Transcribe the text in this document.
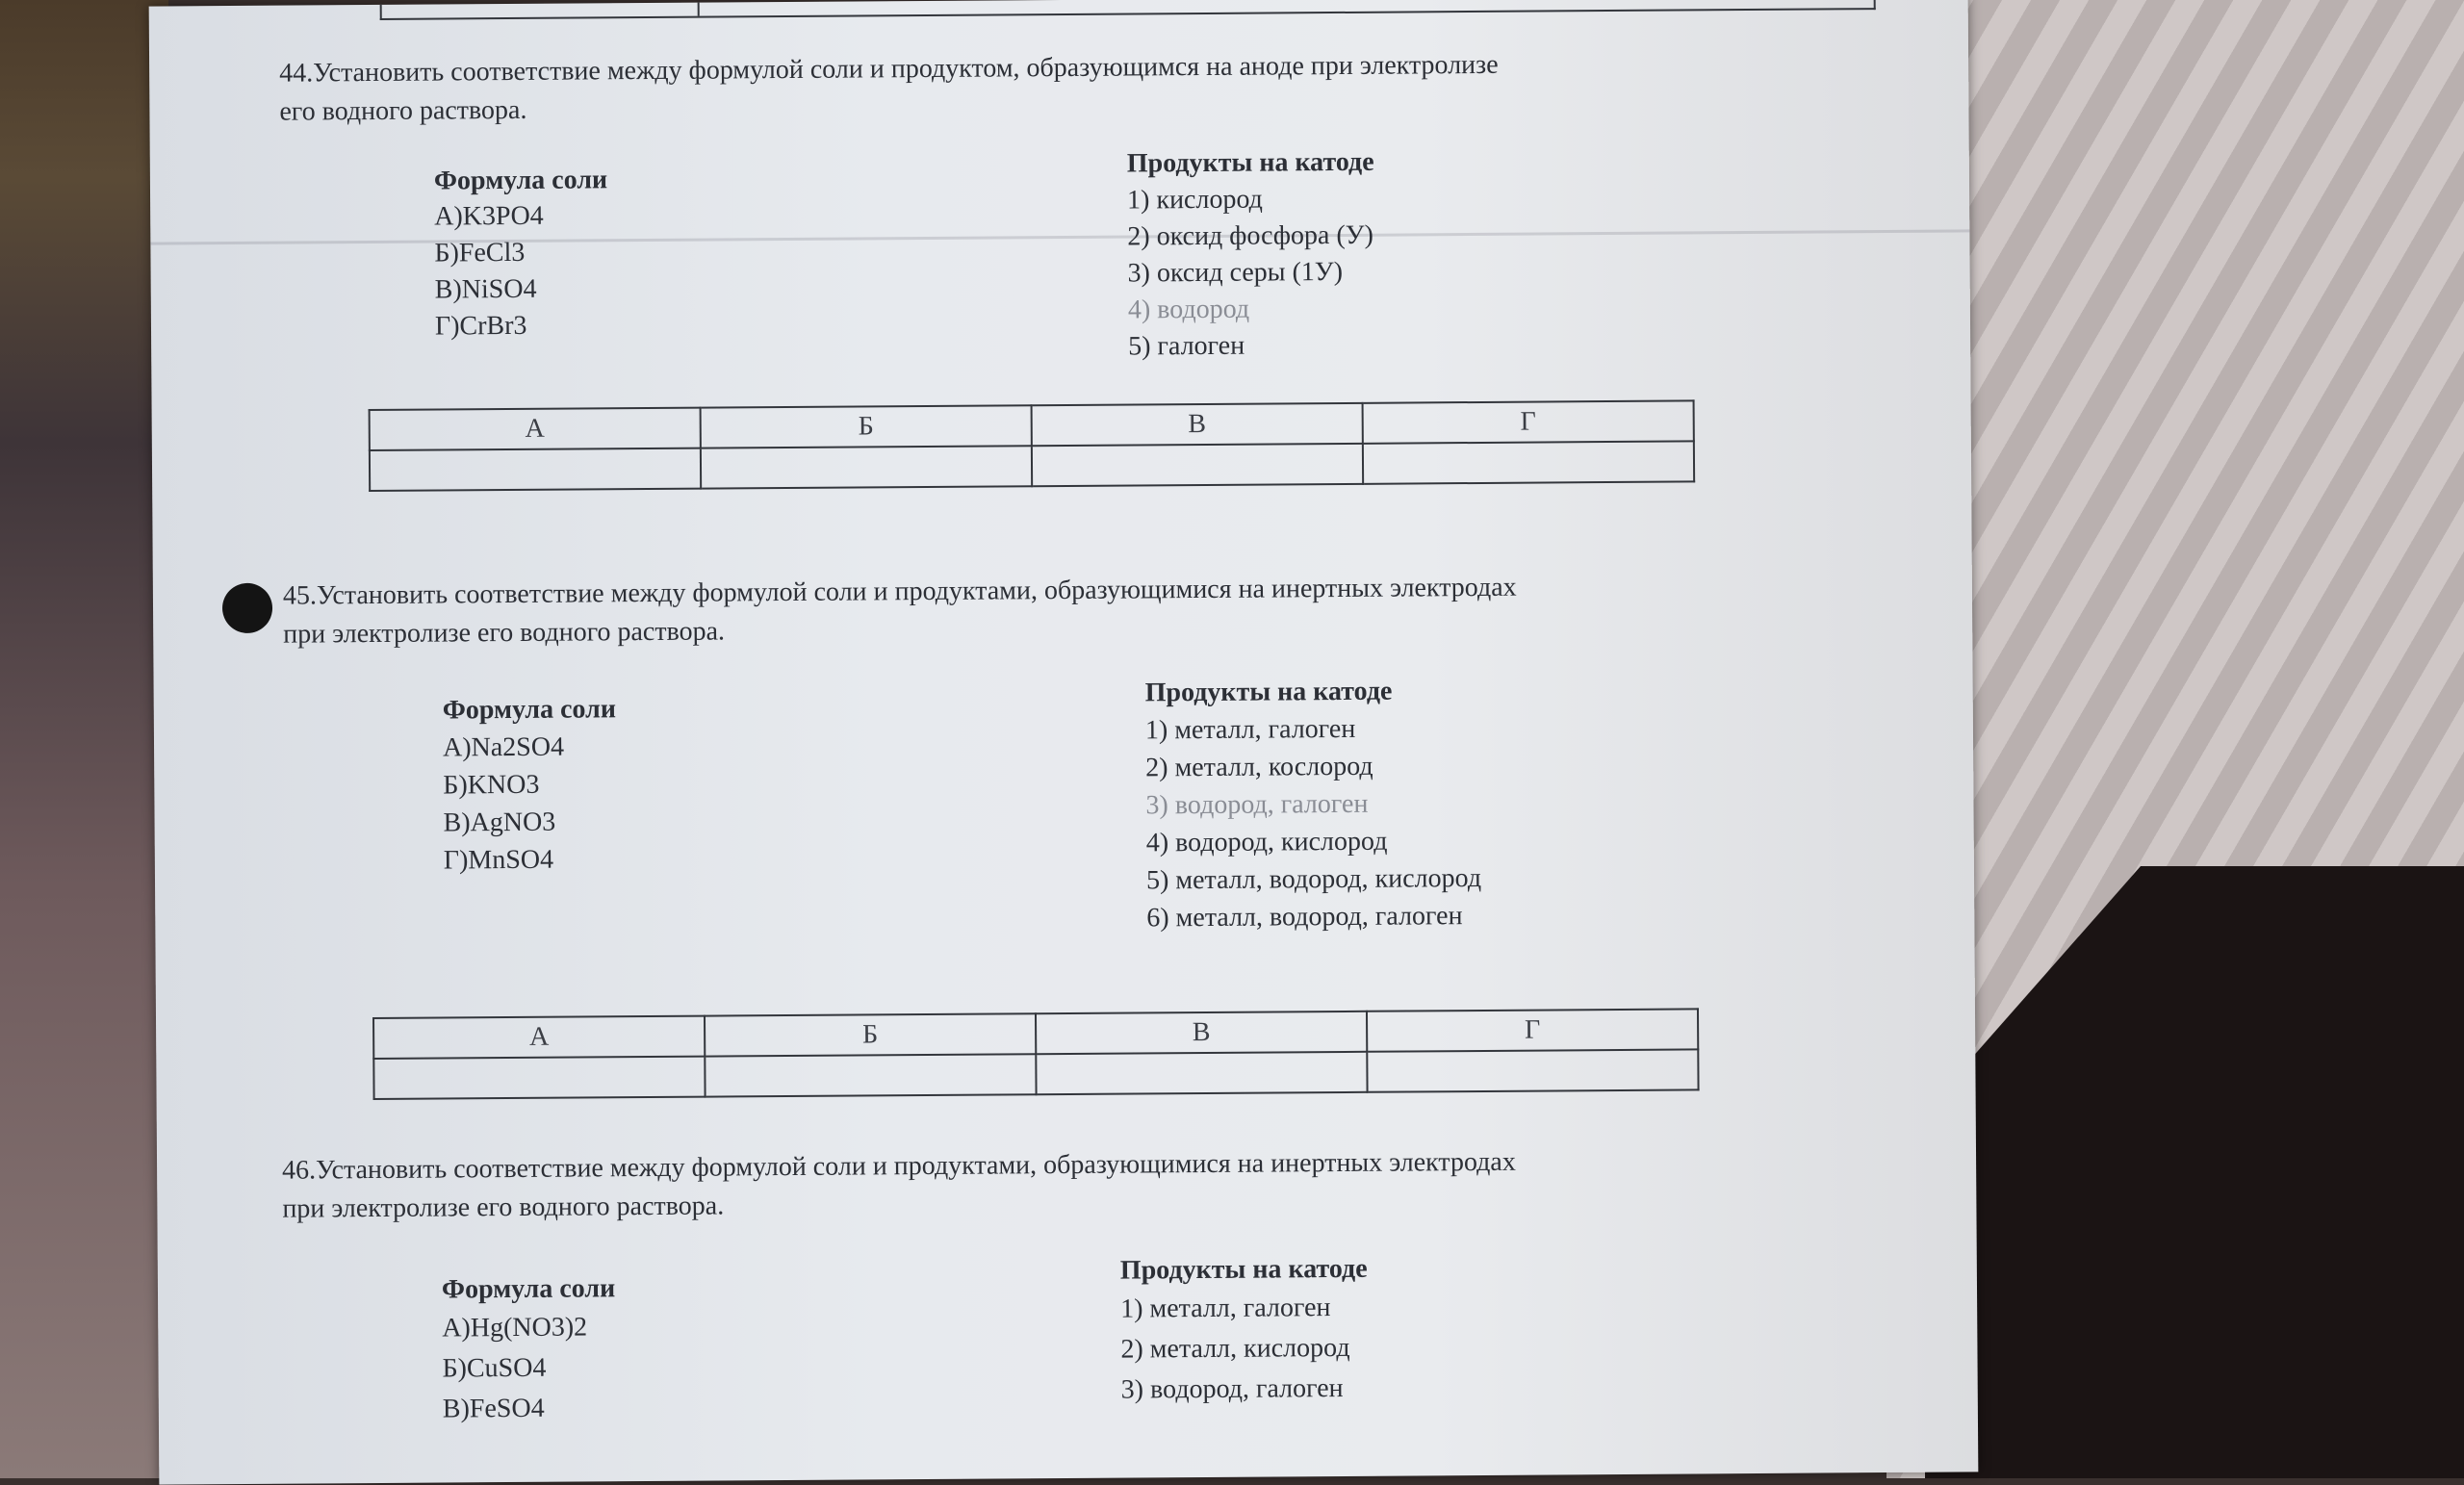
44.Установить соответствие между формулой соли и продуктом, образующимся на аноде при электролизе
его водного раствора.
Формула соли
А)K3PO4
Б)FeCl3
В)NiSO4
Г)CrBr3
Продукты на катоде
1) кислород
2) оксид фосфора (У)
3) оксид серы (1У)
4) водород
5) галоген
А	Б	В	Г

45.Установить соответствие между формулой соли и продуктами, образующимися на инертных электродах
при электролизе его водного раствора.
Формула соли
А)Na2SO4
Б)KNO3
В)AgNO3
Г)MnSO4
Продукты на катоде
1) металл, галоген
2) металл, кослород
3) водород, галоген
4) водород, кислород
5) металл, водород, кислород
6) металл, водород, галоген
А	Б	В	Г

46.Установить соответствие между формулой соли и продуктами, образующимися на инертных электродах
при электролизе его водного раствора.
Формула соли
А)Hg(NO3)2
Б)CuSO4
В)FeSO4
Продукты на катоде
1) металл, галоген
2) металл, кислород
3) водород, галоген
